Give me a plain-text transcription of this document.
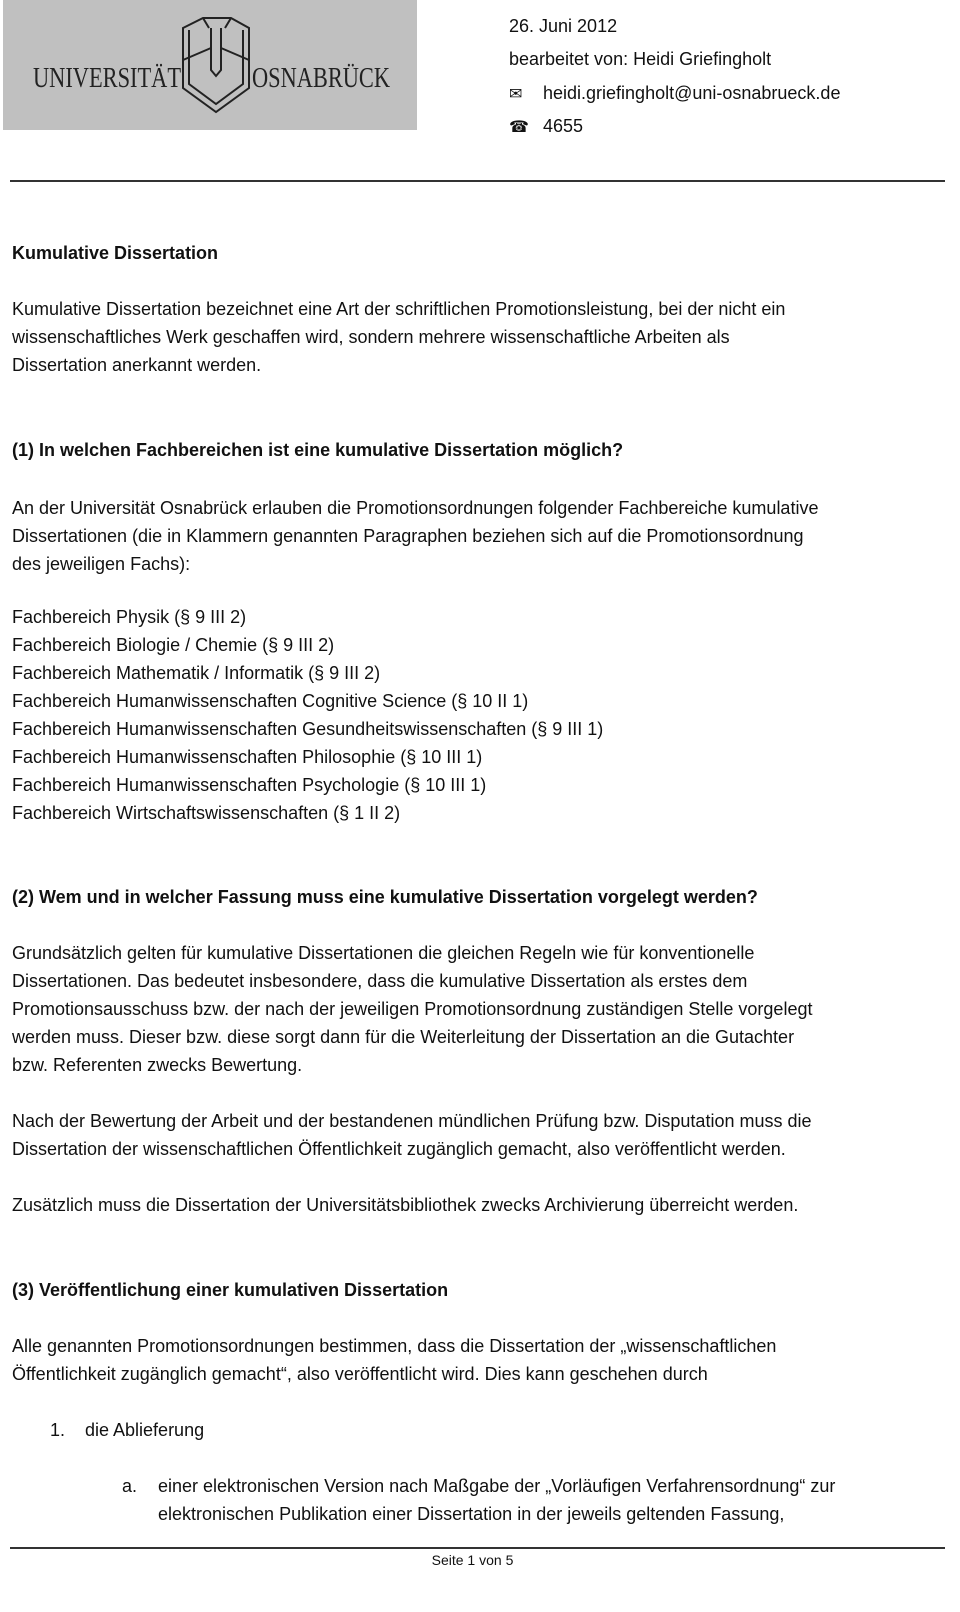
UNIVERSITÄT OSNABRÜCK
26. Juni 2012
bearbeitet von: Heidi Griefingholt
✉ heidi.griefingholt@uni-osnabrueck.de
☎ 4655
Kumulative Dissertation
Kumulative Dissertation bezeichnet eine Art der schriftlichen Promotionsleistung, bei der nicht ein
wissenschaftliches Werk geschaffen wird, sondern mehrere wissenschaftliche Arbeiten als
Dissertation anerkannt werden.
(1) In welchen Fachbereichen ist eine kumulative Dissertation möglich?
An der Universität Osnabrück erlauben die Promotionsordnungen folgender Fachbereiche kumulative
Dissertationen (die in Klammern genannten Paragraphen beziehen sich auf die Promotionsordnung
des jeweiligen Fachs):
Fachbereich Physik (§ 9 III 2)
Fachbereich Biologie / Chemie (§ 9 III 2)
Fachbereich Mathematik / Informatik (§ 9 III 2)
Fachbereich Humanwissenschaften Cognitive Science (§ 10 II 1)
Fachbereich Humanwissenschaften Gesundheitswissenschaften (§ 9 III 1)
Fachbereich Humanwissenschaften Philosophie (§ 10 III 1)
Fachbereich Humanwissenschaften Psychologie (§ 10 III 1)
Fachbereich Wirtschaftswissenschaften (§ 1 II 2)
(2) Wem und in welcher Fassung muss eine kumulative Dissertation vorgelegt werden?
Grundsätzlich gelten für kumulative Dissertationen die gleichen Regeln wie für konventionelle
Dissertationen. Das bedeutet insbesondere, dass die kumulative Dissertation als erstes dem
Promotionsausschuss bzw. der nach der jeweiligen Promotionsordnung zuständigen Stelle vorgelegt
werden muss. Dieser bzw. diese sorgt dann für die Weiterleitung der Dissertation an die Gutachter
bzw. Referenten zwecks Bewertung.
Nach der Bewertung der Arbeit und der bestandenen mündlichen Prüfung bzw. Disputation muss die
Dissertation der wissenschaftlichen Öffentlichkeit zugänglich gemacht, also veröffentlicht werden.
Zusätzlich muss die Dissertation der Universitätsbibliothek zwecks Archivierung überreicht werden.
(3) Veröffentlichung einer kumulativen Dissertation
Alle genannten Promotionsordnungen bestimmen, dass die Dissertation der „wissenschaftlichen
Öffentlichkeit zugänglich gemacht“, also veröffentlicht wird. Dies kann geschehen durch
1. die Ablieferung
a. einer elektronischen Version nach Maßgabe der „Vorläufigen Verfahrensordnung“ zur
elektronischen Publikation einer Dissertation in der jeweils geltenden Fassung,
Seite 1 von 5
